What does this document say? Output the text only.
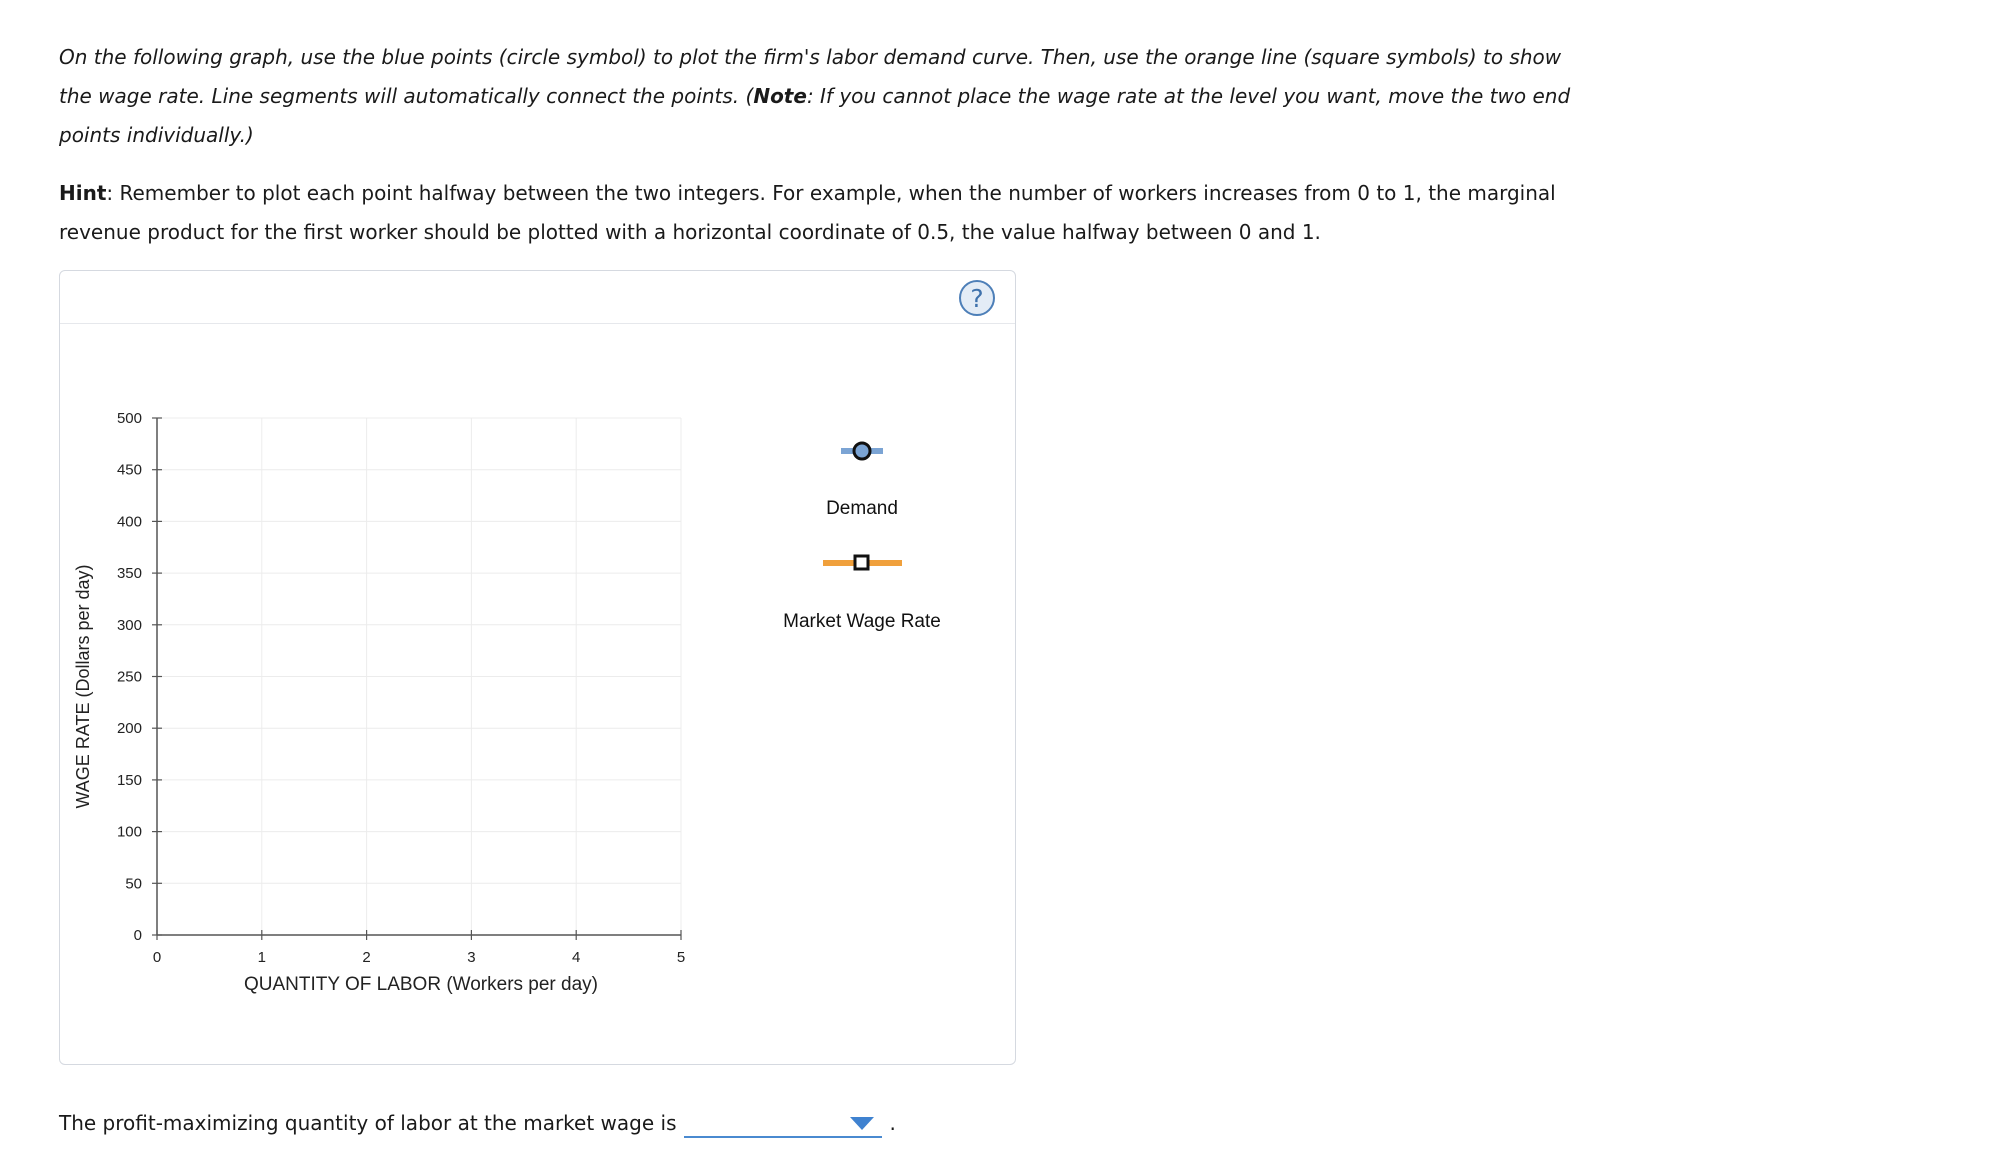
On the following graph, use the blue points (circle symbol) to plot the firm's labor demand curve. Then, use the orange line (square symbols) to show the wage rate. Line segments will automatically connect the points. (Note: If you cannot place the wage rate at the level you want, move the two end points individually.)
Hint: Remember to plot each point halfway between the two integers. For example, when the number of workers increases from 0 to 1, the marginal revenue product for the first worker should be plotted with a horizontal coordinate of 0.5, the value halfway between 0 and 1.
?
0
50
100
150
200
250
300
350
400
450
500
0	1	2	3	4	5
QUANTITY OF LABOR (Workers per day)
WAGE RATE (Dollars per day)
Demand
Market Wage Rate
The profit-maximizing quantity of labor at the market wage is	.
